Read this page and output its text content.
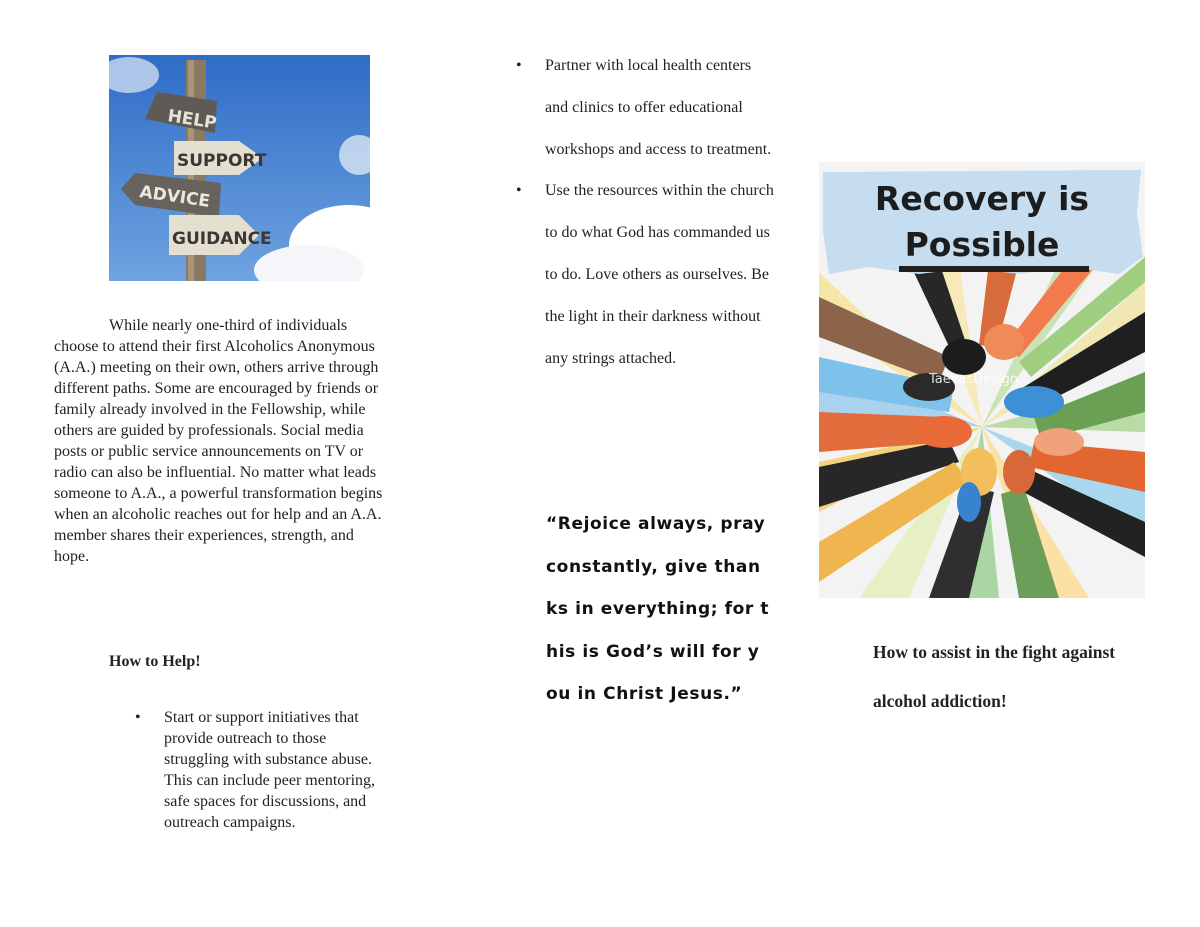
HELP
SUPPORT
ADVICE
GUIDANCE

While nearly one-third of individuals choose to attend their first Alcoholics Anonymous (A.A.) meeting on their own, others arrive through different paths. Some are encouraged by friends or family already involved in the Fellowship, while others are guided by professionals. Social media posts or public service announcements on TV or radio can also be influential. No matter what leads someone to A.A., a powerful transformation begins when an alcoholic reaches out for help and an A.A. member shares their experiences, strength, and hope.

How to Help!

• Start or support initiatives that provide outreach to those struggling with substance abuse. This can include peer mentoring, safe spaces for discussions, and outreach campaigns.
• Partner with local health centers and clinics to offer educational workshops and access to treatment.
• Use the resources within the church to do what God has commanded us to do. Love others as ourselves. Be the light in their darkness without any strings attached.

“Rejoice always, pray constantly, give thanks in everything; for this is God’s will for you in Christ Jesus.”

Recovery is Possible
TaevasDesign

How to assist in the fight against alcohol addiction!
